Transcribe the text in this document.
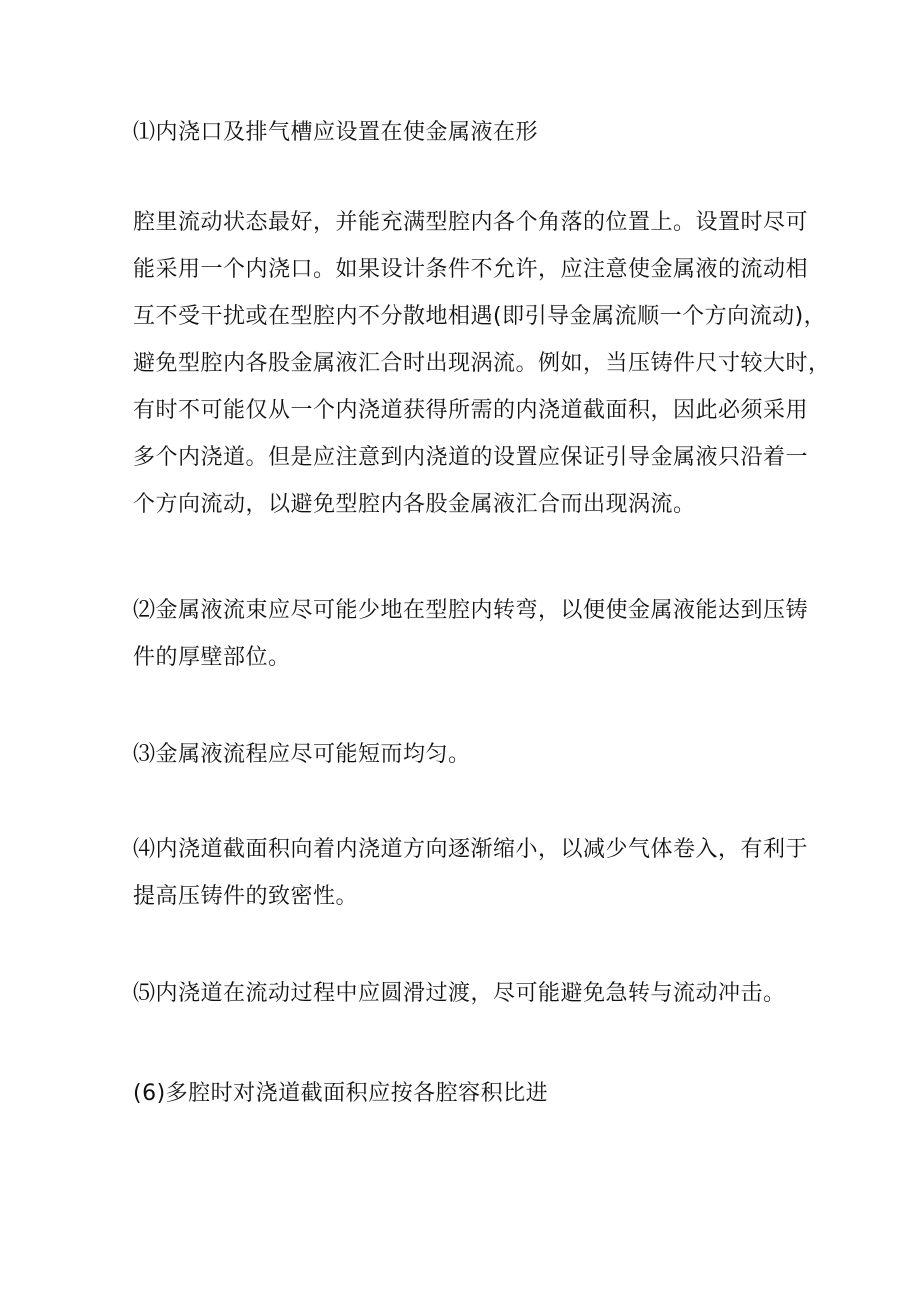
⑴内浇口及排气槽应设置在使金属液在形
腔里流动状态最好，并能充满型腔内各个角落的位置上。设置时尽可
能采用一个内浇口。如果设计条件不允许，应注意使金属液的流动相
互不受干扰或在型腔内不分散地相遇(即引导金属流顺一个方向流动)，
避免型腔内各股金属液汇合时出现涡流。例如，当压铸件尺寸较大时，
有时不可能仅从一个内浇道获得所需的内浇道截面积，因此必须采用
多个内浇道。但是应注意到内浇道的设置应保证引导金属液只沿着一
个方向流动，以避免型腔内各股金属液汇合而出现涡流。
⑵金属液流束应尽可能少地在型腔内转弯，以便使金属液能达到压铸
件的厚壁部位。
⑶金属液流程应尽可能短而均匀。
⑷内浇道截面积向着内浇道方向逐渐缩小，以减少气体卷入，有利于
提高压铸件的致密性。
⑸内浇道在流动过程中应圆滑过渡，尽可能避免急转与流动冲击。
(6)多腔时对浇道截面积应按各腔容积比进
